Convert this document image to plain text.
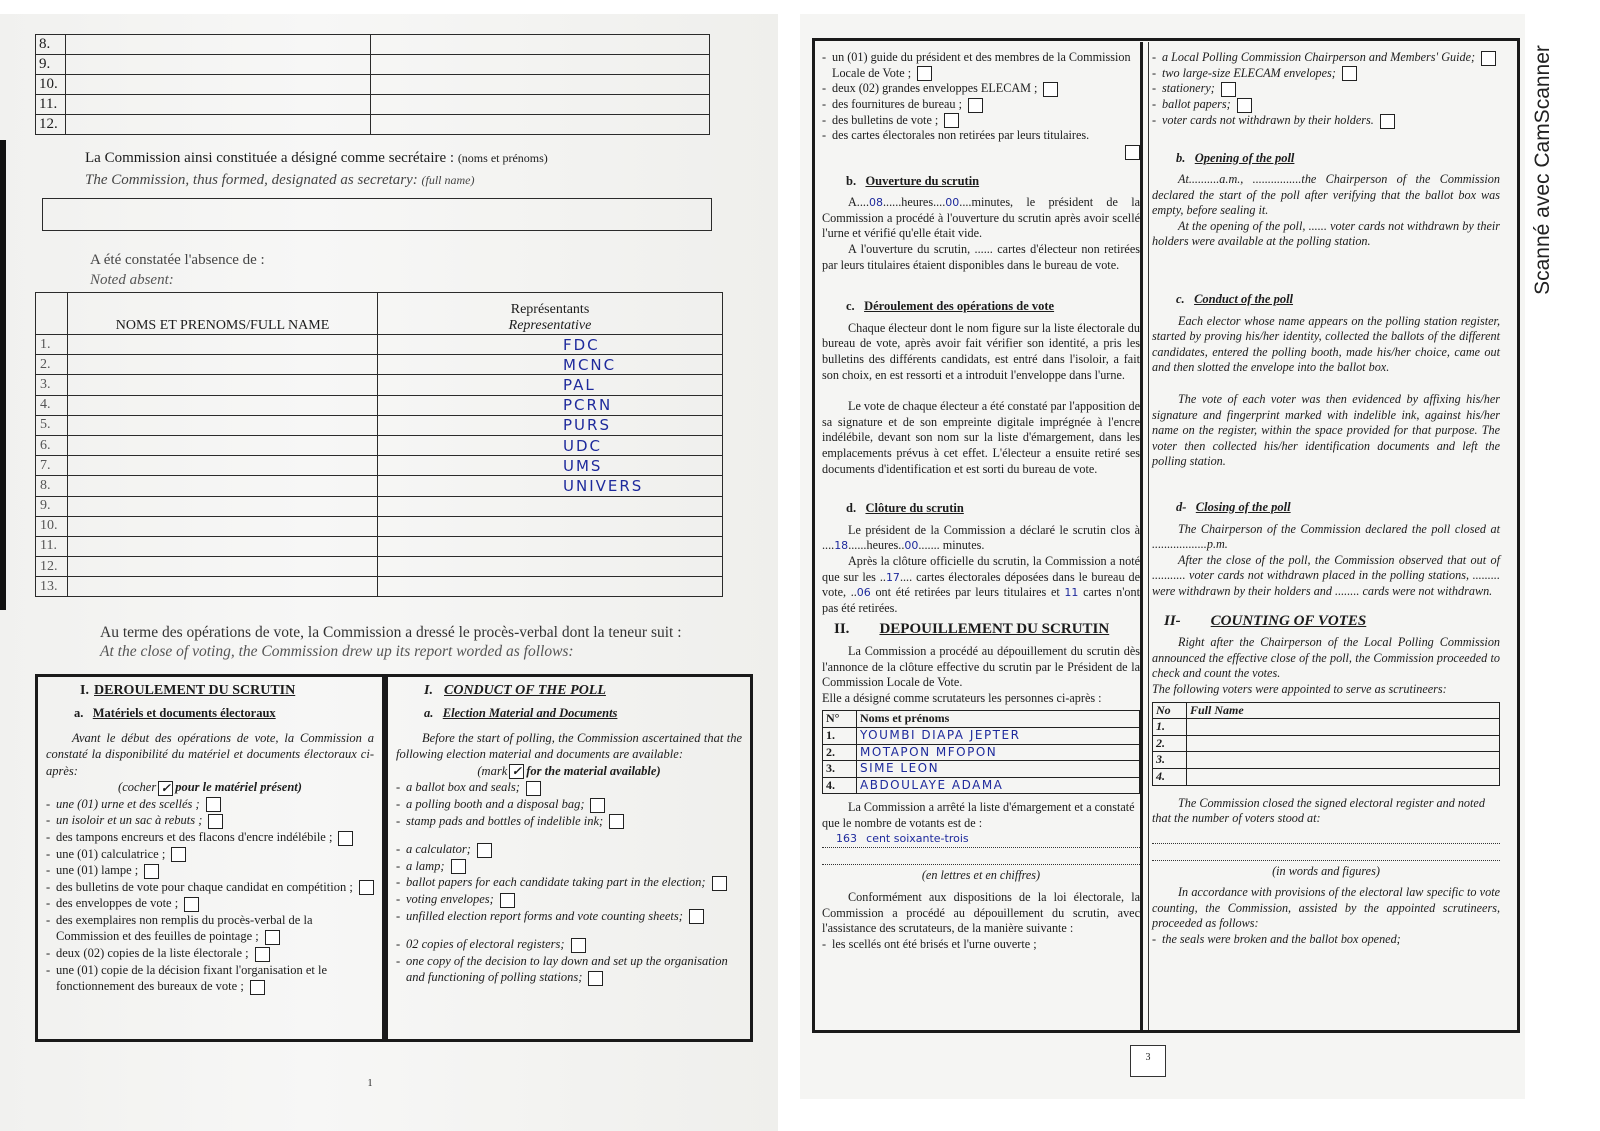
8.		
9.		
10.		
11.		
12.		
La Commission ainsi constituée a désigné comme secrétaire : (noms et prénoms)
The Commission, thus formed, designated as secretary: (full name)
A été constatée l'absence de :
Noted absent:
	NOMS ET PRENOMS/FULL NAME	Représentants
Representative

1.		FDC
2.		MCNC
3.		PAL
4.		PCRN
5.		PURS
6.		UDC
7.		UMS
8.		UNIVERS
9.		
10.		
11.		
12.		
13.		
Au terme des opérations de vote, la Commission a dressé le procès-verbal dont la teneur suit :
At the close of voting, the Commission drew up its report worded as follows:
I. DEROULEMENT DU SCRUTIN
a. Matériels et documents électoraux

Avant le début des opérations de vote, la Commission a constaté la disponibilité du matériel et documents électoraux ci-après:

(cocher ✓ pour le matériel présent)
- une (01) urne et des scellés ;
- un isoloir et un sac à rebuts ;
- des tampons encreurs et des flacons d'encre indélébile ;
- une (01) calculatrice ;
- une (01) lampe ;
- des bulletins de vote pour chaque candidat en compétition ;
- des enveloppes de vote ;
- des exemplaires non remplis du procès-verbal de la Commission et des feuilles de pointage ;
- deux (02) copies de la liste électorale ;
- une (01) copie de la décision fixant l'organisation et le fonctionnement des bureaux de vote ;
I. CONDUCT OF THE POLL
a. Election Material and Documents

Before the start of polling, the Commission ascertained that the following election material and documents are available:

(mark ✓ for the material available)
- a ballot box and seals;
- a polling booth and a disposal bag;
- stamp pads and bottles of indelible ink;
- a calculator;
- a lamp;
- ballot papers for each candidate taking part in the election;
- voting envelopes;
- unfilled election report forms and vote counting sheets;
- 02 copies of electoral registers;
- one copy of the decision to lay down and set up the organisation and functioning of polling stations;
1
- un (01) guide du président et des membres de la Commission Locale de Vote ;
- deux (02) grandes enveloppes ELECAM ;
- des fournitures de bureau ;
- des bulletins de vote ;
- des cartes électorales non retirées par leurs titulaires.
b. Ouverture du scrutin

A....08......heures....00....minutes, le président de la Commission a procédé à l'ouverture du scrutin après avoir scellé l'urne et vérifié qu'elle était vide.

A l'ouverture du scrutin, ...... cartes d'électeur non retirées par leurs titulaires étaient disponibles dans le bureau de vote.

c. Déroulement des opérations de vote

Chaque électeur dont le nom figure sur la liste électorale du bureau de vote, après avoir fait vérifier son identité, a pris les bulletins des différents candidats, est entré dans l'isoloir, a fait son choix, en est ressorti et a introduit l'enveloppe dans l'urne.

Le vote de chaque électeur a été constaté par l'apposition de sa signature et de son empreinte digitale imprégnée à l'encre indélébile, devant son nom sur la liste d'émargement, dans les emplacements prévus à cet effet. L'électeur a ensuite retiré ses documents d'identification et est sorti du bureau de vote.

d. Clôture du scrutin

Le président de la Commission a déclaré le scrutin clos à ....18......heures..00....... minutes.

Après la clôture officielle du scrutin, la Commission a noté que sur les ..17.... cartes électorales déposées dans le bureau de vote, ..06 ont été retirées par leurs titulaires et 11 cartes n'ont pas été retirées.

II. DEPOUILLEMENT DU SCRUTIN

La Commission a procédé au dépouillement du scrutin dès l'annonce de la clôture effective du scrutin par le Président de la Commission Locale de Vote.

Elle a désigné comme scrutateurs les personnes ci-après :

N°	Noms et prénoms
1.	YOUMBI DIAPA JEPTER
2.	MOTAPON MFOPON
3.	SIME LEON
4.	ABDOULAYE ADAMA

La Commission a arrêté la liste d'émargement et a constaté que le nombre de votants est de :

163 cent soixante-trois

(en lettres et en chiffres)

Conformément aux dispositions de la loi électorale, la Commission a procédé au dépouillement du scrutin, avec l'assistance des scrutateurs, de la manière suivante :

- les scellés ont été brisés et l'urne ouverte ;
- a Local Polling Commission Chairperson and Members' Guide;
- two large-size ELECAM envelopes;
- stationery;
- ballot papers;
- voter cards not withdrawn by their holders.
b. Opening of the poll

At..........a.m., ................the Chairperson of the Commission declared the start of the poll after verifying that the ballot box was empty, before sealing it.

At the opening of the poll, ...... voter cards not withdrawn by their holders were available at the polling station.

c. Conduct of the poll

Each elector whose name appears on the polling station register, started by proving his/her identity, collected the ballots of the different candidates, entered the polling booth, made his/her choice, came out and then slotted the envelope into the ballot box.

The vote of each voter was then evidenced by affixing his/her signature and fingerprint marked with indelible ink, against his/her name on the register, within the space provided for that purpose. The voter then collected his/her identification documents and left the polling station.

d- Closing of the poll

The Chairperson of the Commission declared the poll closed at ..................p.m.

After the close of the poll, the Commission observed that out of ........... voter cards not withdrawn placed in the polling stations, ......... were withdrawn by their holders and ........ cards were not withdrawn.

II- COUNTING OF VOTES

Right after the Chairperson of the Local Polling Commission announced the effective close of the poll, the Commission proceeded to check and count the votes.

The following voters were appointed to serve as scrutineers:

No	Full Name
1.	
2.	
3.	
4.	

The Commission closed the signed electoral register and noted that the number of voters stood at:

(in words and figures)

In accordance with provisions of the electoral law specific to vote counting, the Commission, assisted by the appointed scrutineers, proceeded as follows:

- the seals were broken and the ballot box opened;
3
Scanné avec CamScanner
